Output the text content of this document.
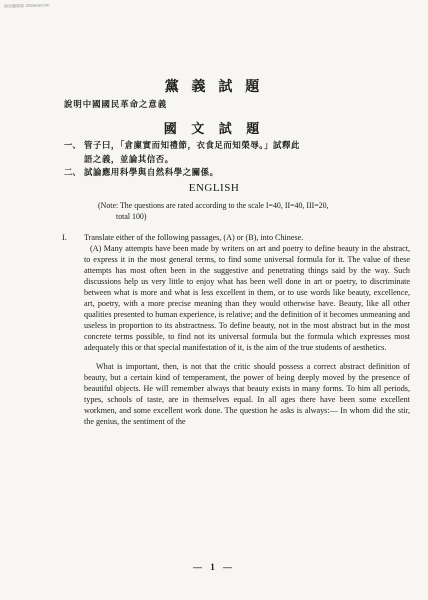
國家圖書館 1934exam.tw
黨 義 試 題
說明中國國民革命之意義
國 文 試 題
一、 管子曰，「倉廩實而知禮節，衣食足而知榮辱。」試釋此
語之義，並論其信否。
二、 試論應用科學與自然科學之關係。
ENGLISH
(Note: The questions are rated according to the scale I=40, II=40, III=20,
total 100)
I. Translate either of the following passages, (A) or (B), into Chinese.

(A) Many attempts have been made by writers on art and poetry to define beauty in the abstract, to express it in the most general terms, to find some universal formula for it. The value of these attempts has most often been in the suggestive and penetrating things said by the way. Such discussions help us very little to enjoy what has been well done in art or poetry, to discriminate between what is more and what is less excellent in them, or to use words like beauty, excellence, art, poetry, with a more precise meaning than they would otherwise have. Beauty, like all other qualities presented to human experience, is relative; and the definition of it becomes unmeaning and useless in proportion to its abstractness. To define beauty, not in the most abstract but in the most concrete terms possible, to find not its universal formula but the formula which expresses most adequately this or that special manifestation of it, is the aim of the true students of aesthetics.

What is important, then, is not that the critic should possess a correct abstract definition of beauty, but a certain kind of temperament, the power of being deeply moved by the presence of beautiful objects. He will remember always that beauty exists in many forms. To him all periods, types, schools of taste, are in themselves equal. In all ages there have been some excellent workmen, and some excellent work done. The question he asks is always:— In whom did the stir, the genius, the sentiment of the

— 1 —
